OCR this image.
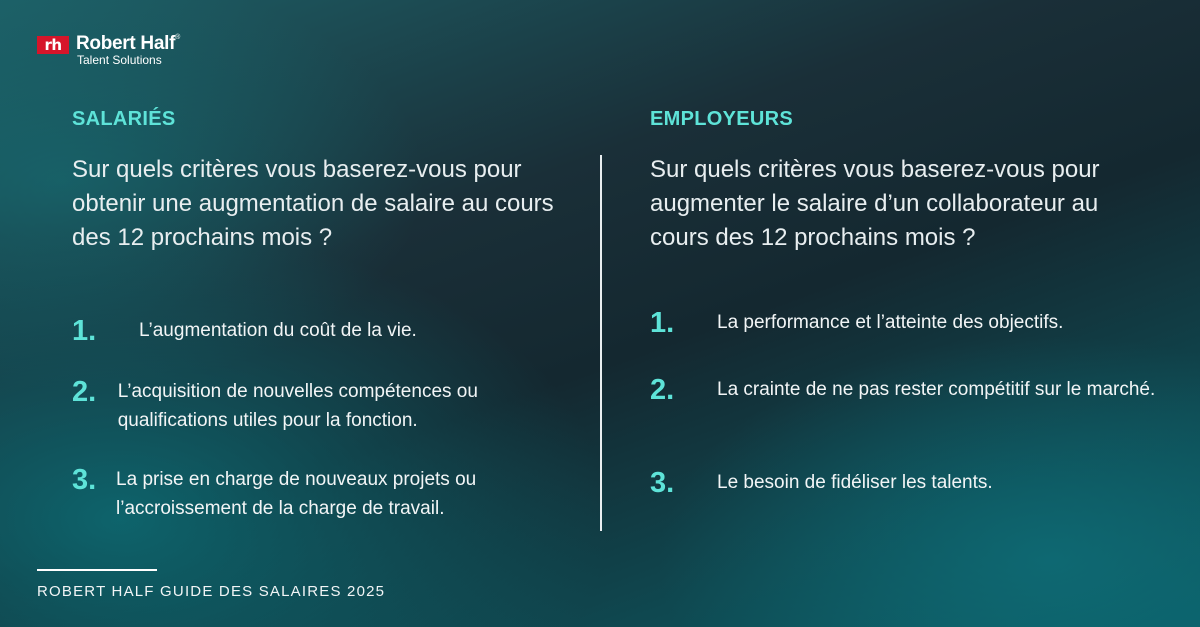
rh Robert Half®
Talent Solutions
SALARIÉS
Sur quels critères vous baserez-vous pour obtenir une augmentation de salaire au cours des 12 prochains mois ?
1.	L’augmentation du coût de la vie.
2.	L’acquisition de nouvelles compétences ou qualifications utiles pour la fonction.
3.	La prise en charge de nouveaux projets ou l’accroissement de la charge de travail.
EMPLOYEURS
Sur quels critères vous baserez-vous pour augmenter le salaire d’un collaborateur au cours des 12 prochains mois ?
1.	La performance et l’atteinte des objectifs.
2.	La crainte de ne pas rester compétitif sur le marché.
3.	Le besoin de fidéliser les talents.
ROBERT HALF GUIDE DES SALAIRES 2025
